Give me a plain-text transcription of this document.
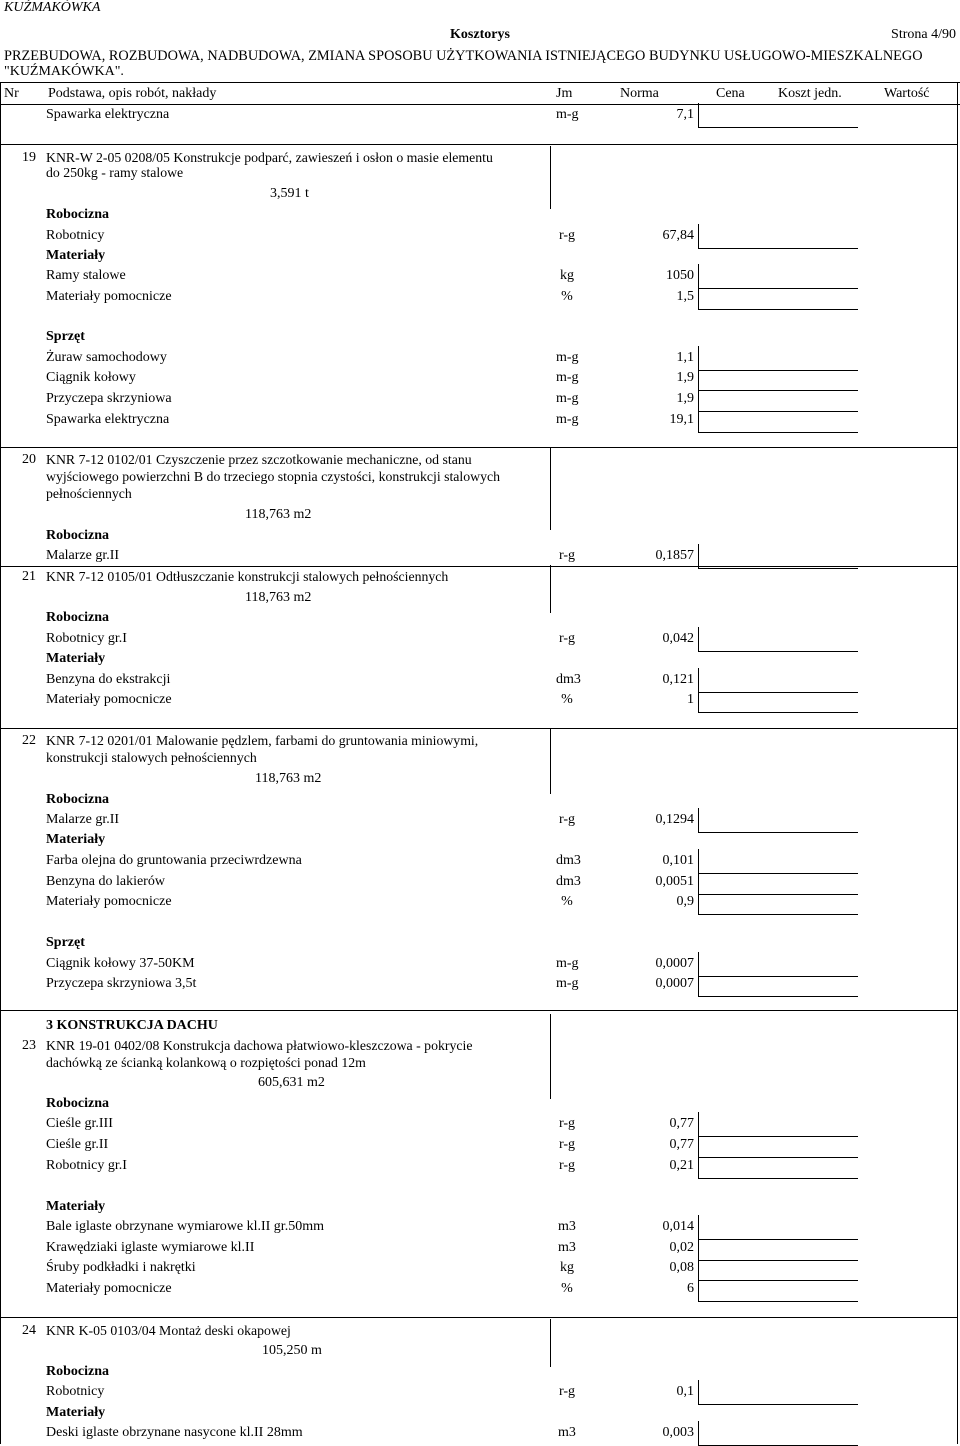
KUŹMAKÓWKA
Kosztorys	Strona 4/90
PRZEBUDOWA, ROZBUDOWA, NADBUDOWA, ZMIANA SPOSOBU UŻYTKOWANIA ISTNIEJĄCEGO BUDYNKU USŁUGOWO-MIESZKALNEGO
"KUŹMAKÓWKA".
Nr Podstawa, opis robót, nakłady	Jm	Norma	Cena Koszt jedn.	Wartość
Spawarka elektryczna	m-g	7,1
19 KNR-W 2-05 0208/05 Konstrukcje podparć, zawieszeń i osłon o masie elementu
do 250kg - ramy stalowe
3,591 t
Robocizna
Robotnicy	r-g	67,84
Materiały
Ramy stalowe	kg	1050
Materiały pomocnicze	%	1,5
Sprzęt
Żuraw samochodowy	m-g	1,1
Ciągnik kołowy	m-g	1,9
Przyczepa skrzyniowa	m-g	1,9
Spawarka elektryczna	m-g	19,1
20 KNR 7-12 0102/01 Czyszczenie przez szczotkowanie mechaniczne, od stanu
wyjściowego powierzchni B do trzeciego stopnia czystości, konstrukcji stalowych
pełnościennych
118,763 m2
Robocizna
Malarze gr.II	r-g	0,1857
21 KNR 7-12 0105/01 Odtłuszczanie konstrukcji stalowych pełnościennych
118,763 m2
Robocizna
Robotnicy gr.I	r-g	0,042
Materiały
Benzyna do ekstrakcji	dm3	0,121
Materiały pomocnicze	%	1
22 KNR 7-12 0201/01 Malowanie pędzlem, farbami do gruntowania miniowymi,
konstrukcji stalowych pełnościennych
118,763 m2
Robocizna
Malarze gr.II	r-g	0,1294
Materiały
Farba olejna do gruntowania przeciwrdzewna	dm3	0,101
Benzyna do lakierów	dm3	0,0051
Materiały pomocnicze	%	0,9
Sprzęt
Ciągnik kołowy 37-50KM	m-g	0,0007
Przyczepa skrzyniowa 3,5t	m-g	0,0007
3 KONSTRUKCJA DACHU
23 KNR 19-01 0402/08 Konstrukcja dachowa płatwiowo-kleszczowa - pokrycie
dachówką ze ścianką kolankową o rozpiętości ponad 12m
605,631 m2
Robocizna
Cieśle gr.III	r-g	0,77
Cieśle gr.II	r-g	0,77
Robotnicy gr.I	r-g	0,21
Materiały
Bale iglaste obrzynane wymiarowe kl.II gr.50mm	m3	0,014
Krawędziaki iglaste wymiarowe kl.II	m3	0,02
Śruby podkładki i nakrętki	kg	0,08
Materiały pomocnicze	%	6
24 KNR K-05 0103/04 Montaż deski okapowej
105,250 m
Robocizna
Robotnicy	r-g	0,1
Materiały
Deski iglaste obrzynane nasycone kl.II 28mm	m3	0,003
